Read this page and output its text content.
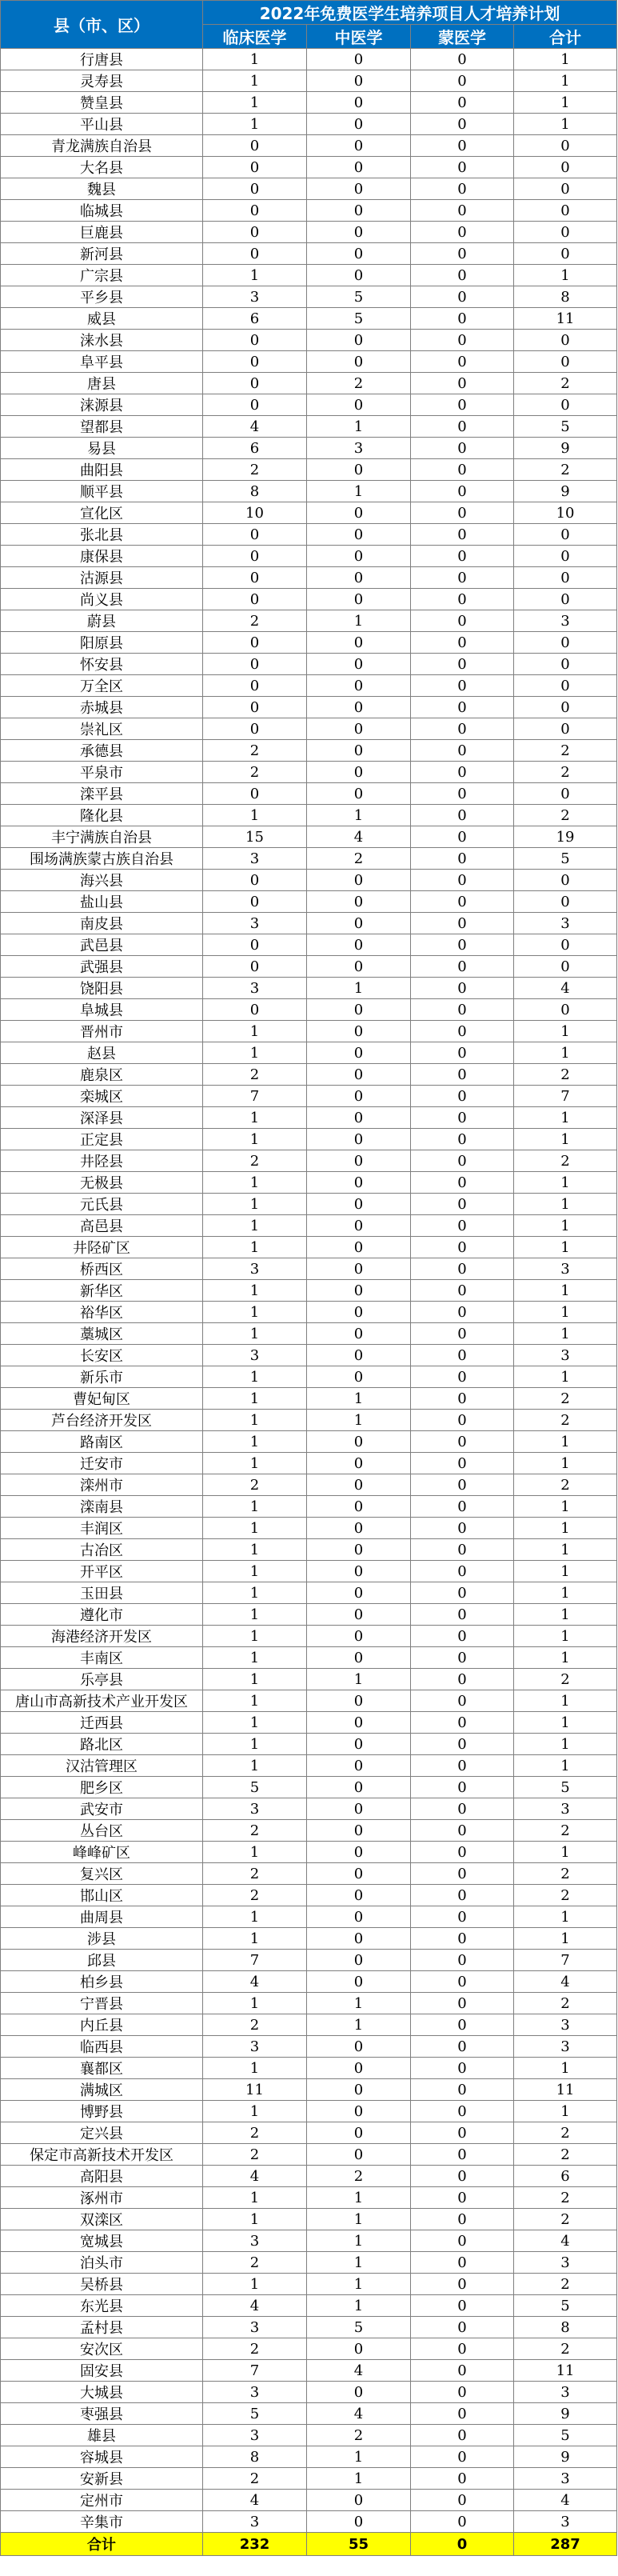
县（市、区）	2022年免费医学生培养项目人才培养计划			
	临床医学	中医学	蒙医学	合计
行唐县	1	0	0	1
灵寿县	1	0	0	1
赞皇县	1	0	0	1
平山县	1	0	0	1
青龙满族自治县	0	0	0	0
大名县	0	0	0	0
魏县	0	0	0	0
临城县	0	0	0	0
巨鹿县	0	0	0	0
新河县	0	0	0	0
广宗县	1	0	0	1
平乡县	3	5	0	8
威县	6	5	0	11
涞水县	0	0	0	0
阜平县	0	0	0	0
唐县	0	2	0	2
涞源县	0	0	0	0
望都县	4	1	0	5
易县	6	3	0	9
曲阳县	2	0	0	2
顺平县	8	1	0	9
宣化区	10	0	0	10
张北县	0	0	0	0
康保县	0	0	0	0
沽源县	0	0	0	0
尚义县	0	0	0	0
蔚县	2	1	0	3
阳原县	0	0	0	0
怀安县	0	0	0	0
万全区	0	0	0	0
赤城县	0	0	0	0
崇礼区	0	0	0	0
承德县	2	0	0	2
平泉市	2	0	0	2
滦平县	0	0	0	0
隆化县	1	1	0	2
丰宁满族自治县	15	4	0	19
围场满族蒙古族自治县	3	2	0	5
海兴县	0	0	0	0
盐山县	0	0	0	0
南皮县	3	0	0	3
武邑县	0	0	0	0
武强县	0	0	0	0
饶阳县	3	1	0	4
阜城县	0	0	0	0
晋州市	1	0	0	1
赵县	1	0	0	1
鹿泉区	2	0	0	2
栾城区	7	0	0	7
深泽县	1	0	0	1
正定县	1	0	0	1
井陉县	2	0	0	2
无极县	1	0	0	1
元氏县	1	0	0	1
高邑县	1	0	0	1
井陉矿区	1	0	0	1
桥西区	3	0	0	3
新华区	1	0	0	1
裕华区	1	0	0	1
藁城区	1	0	0	1
长安区	3	0	0	3
新乐市	1	0	0	1
曹妃甸区	1	1	0	2
芦台经济开发区	1	1	0	2
路南区	1	0	0	1
迁安市	1	0	0	1
滦州市	2	0	0	2
滦南县	1	0	0	1
丰润区	1	0	0	1
古冶区	1	0	0	1
开平区	1	0	0	1
玉田县	1	0	0	1
遵化市	1	0	0	1
海港经济开发区	1	0	0	1
丰南区	1	0	0	1
乐亭县	1	1	0	2
唐山市高新技术产业开发区	1	0	0	1
迁西县	1	0	0	1
路北区	1	0	0	1
汉沽管理区	1	0	0	1
肥乡区	5	0	0	5
武安市	3	0	0	3
丛台区	2	0	0	2
峰峰矿区	1	0	0	1
复兴区	2	0	0	2
邯山区	2	0	0	2
曲周县	1	0	0	1
涉县	1	0	0	1
邱县	7	0	0	7
柏乡县	4	0	0	4
宁晋县	1	1	0	2
内丘县	2	1	0	3
临西县	3	0	0	3
襄都区	1	0	0	1
满城区	11	0	0	11
博野县	1	0	0	1
定兴县	2	0	0	2
保定市高新技术开发区	2	0	0	2
高阳县	4	2	0	6
涿州市	1	1	0	2
双滦区	1	1	0	2
宽城县	3	1	0	4
泊头市	2	1	0	3
吴桥县	1	1	0	2
东光县	4	1	0	5
孟村县	3	5	0	8
安次区	2	0	0	2
固安县	7	4	0	11
大城县	3	0	0	3
枣强县	5	4	0	9
雄县	3	2	0	5
容城县	8	1	0	9
安新县	2	1	0	3
定州市	4	0	0	4
辛集市	3	0	0	3
合计	232	55	0	287
